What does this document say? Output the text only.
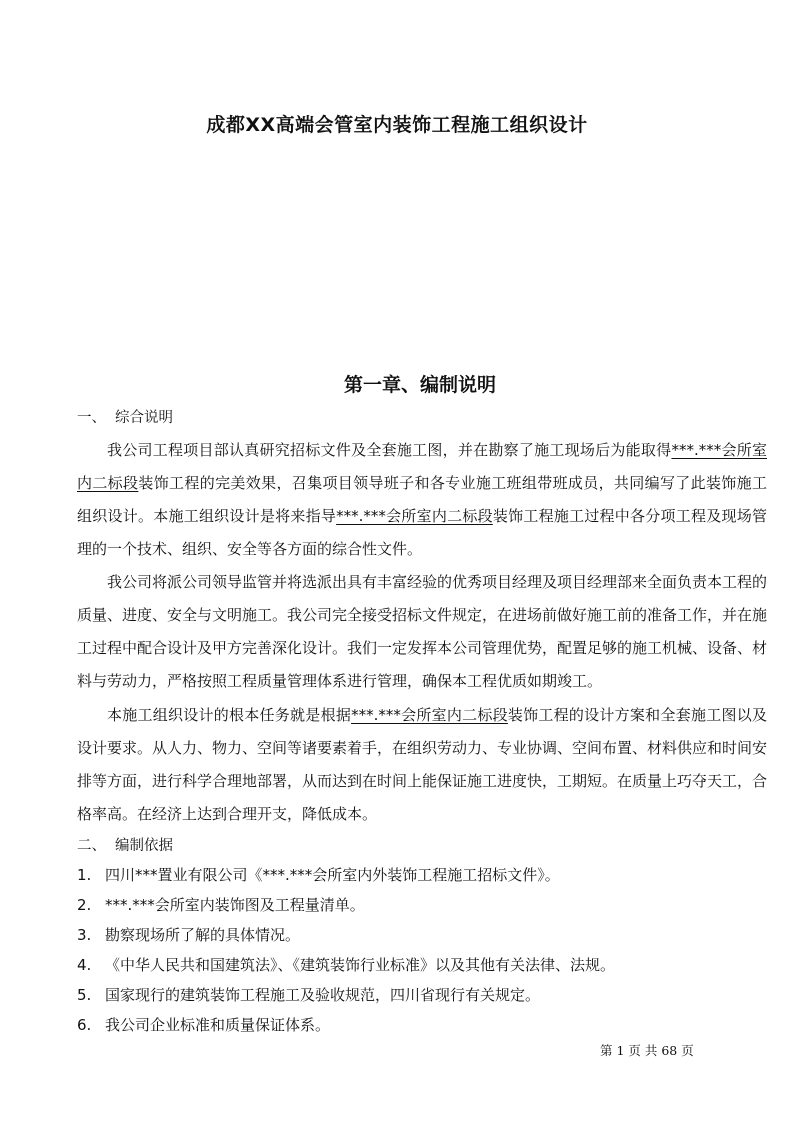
成都XX高端会管室内装饰工程施工组织设计
第一章、编制说明
一、 综合说明

我公司工程项目部认真研究招标文件及全套施工图，并在勘察了施工现场后为能取得***.***会所室内二标段装饰工程的完美效果，召集项目领导班子和各专业施工班组带班成员，共同编写了此装饰施工组织设计。本施工组织设计是将来指导***.***会所室内二标段装饰工程施工过程中各分项工程及现场管理的一个技术、组织、安全等各方面的综合性文件。

我公司将派公司领导监管并将选派出具有丰富经验的优秀项目经理及项目经理部来全面负责本工程的质量、进度、安全与文明施工。我公司完全接受招标文件规定，在进场前做好施工前的准备工作，并在施工过程中配合设计及甲方完善深化设计。我们一定发挥本公司管理优势，配置足够的施工机械、设备、材料与劳动力，严格按照工程质量管理体系进行管理，确保本工程优质如期竣工。

本施工组织设计的根本任务就是根据***.***会所室内二标段装饰工程的设计方案和全套施工图以及设计要求。从人力、物力、空间等诸要素着手，在组织劳动力、专业协调、空间布置、材料供应和时间安排等方面，进行科学合理地部署，从而达到在时间上能保证施工进度快，工期短。在质量上巧夺天工，合格率高。在经济上达到合理开支，降低成本。

二、 编制依据
1. 四川***置业有限公司《***.***会所室内外装饰工程施工招标文件》。
2. ***.***会所室内装饰图及工程量清单。
3. 勘察现场所了解的具体情况。
4. 《中华人民共和国建筑法》、《建筑装饰行业标准》以及其他有关法律、法规。
5. 国家现行的建筑装饰工程施工及验收规范，四川省现行有关规定。
6. 我公司企业标准和质量保证体系。
第 1 页 共 68 页
